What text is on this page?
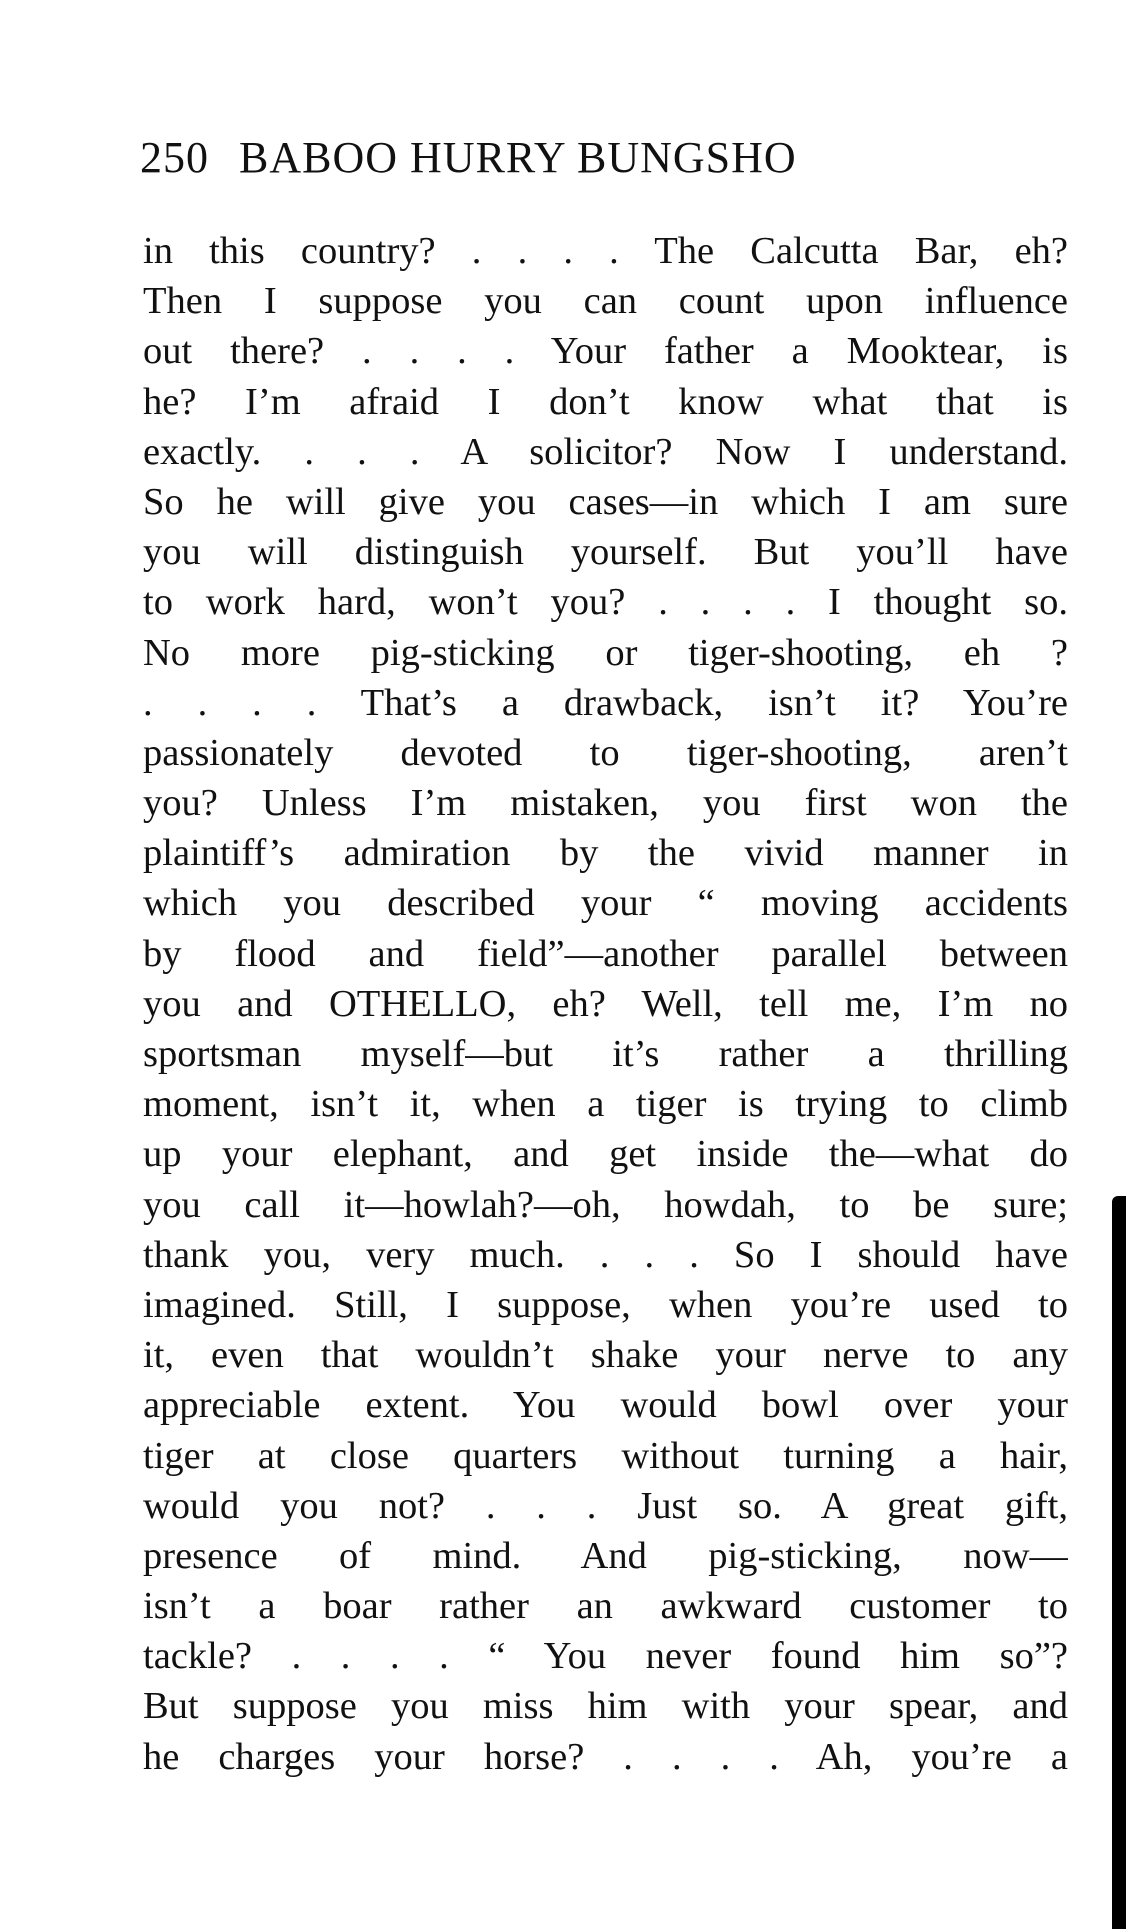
250 BABOO HURRY BUNGSHO
in this country? . . . . The Calcutta Bar, eh?
Then I suppose you can count upon influence
out there? . . . . Your father a Mooktear, is
he? I’m afraid I don’t know what that is
exactly. . . . A solicitor? Now I understand.
So he will give you cases—in which I am sure
you will distinguish yourself. But you’ll have
to work hard, won’t you? . . . . I thought so.
No more pig-sticking or tiger-shooting, eh ?
. . . . That’s a drawback, isn’t it? You’re
passionately devoted to tiger-shooting, aren’t
you? Unless I’m mistaken, you first won the
plaintiff’s admiration by the vivid manner in
which you described your “ moving accidents
by flood and field”—another parallel between
you and OTHELLO, eh? Well, tell me, I’m no
sportsman myself—but it’s rather a thrilling
moment, isn’t it, when a tiger is trying to climb
up your elephant, and get inside the—what do
you call it—howlah?—oh, howdah, to be sure;
thank you, very much. . . . So I should have
imagined. Still, I suppose, when you’re used to
it, even that wouldn’t shake your nerve to any
appreciable extent. You would bowl over your
tiger at close quarters without turning a hair,
would you not? . . . Just so. A great gift,
presence of mind. And pig-sticking, now—
isn’t a boar rather an awkward customer to
tackle? . . . . “ You never found him so”?
But suppose you miss him with your spear, and
he charges your horse? . . . . Ah, you’re a
